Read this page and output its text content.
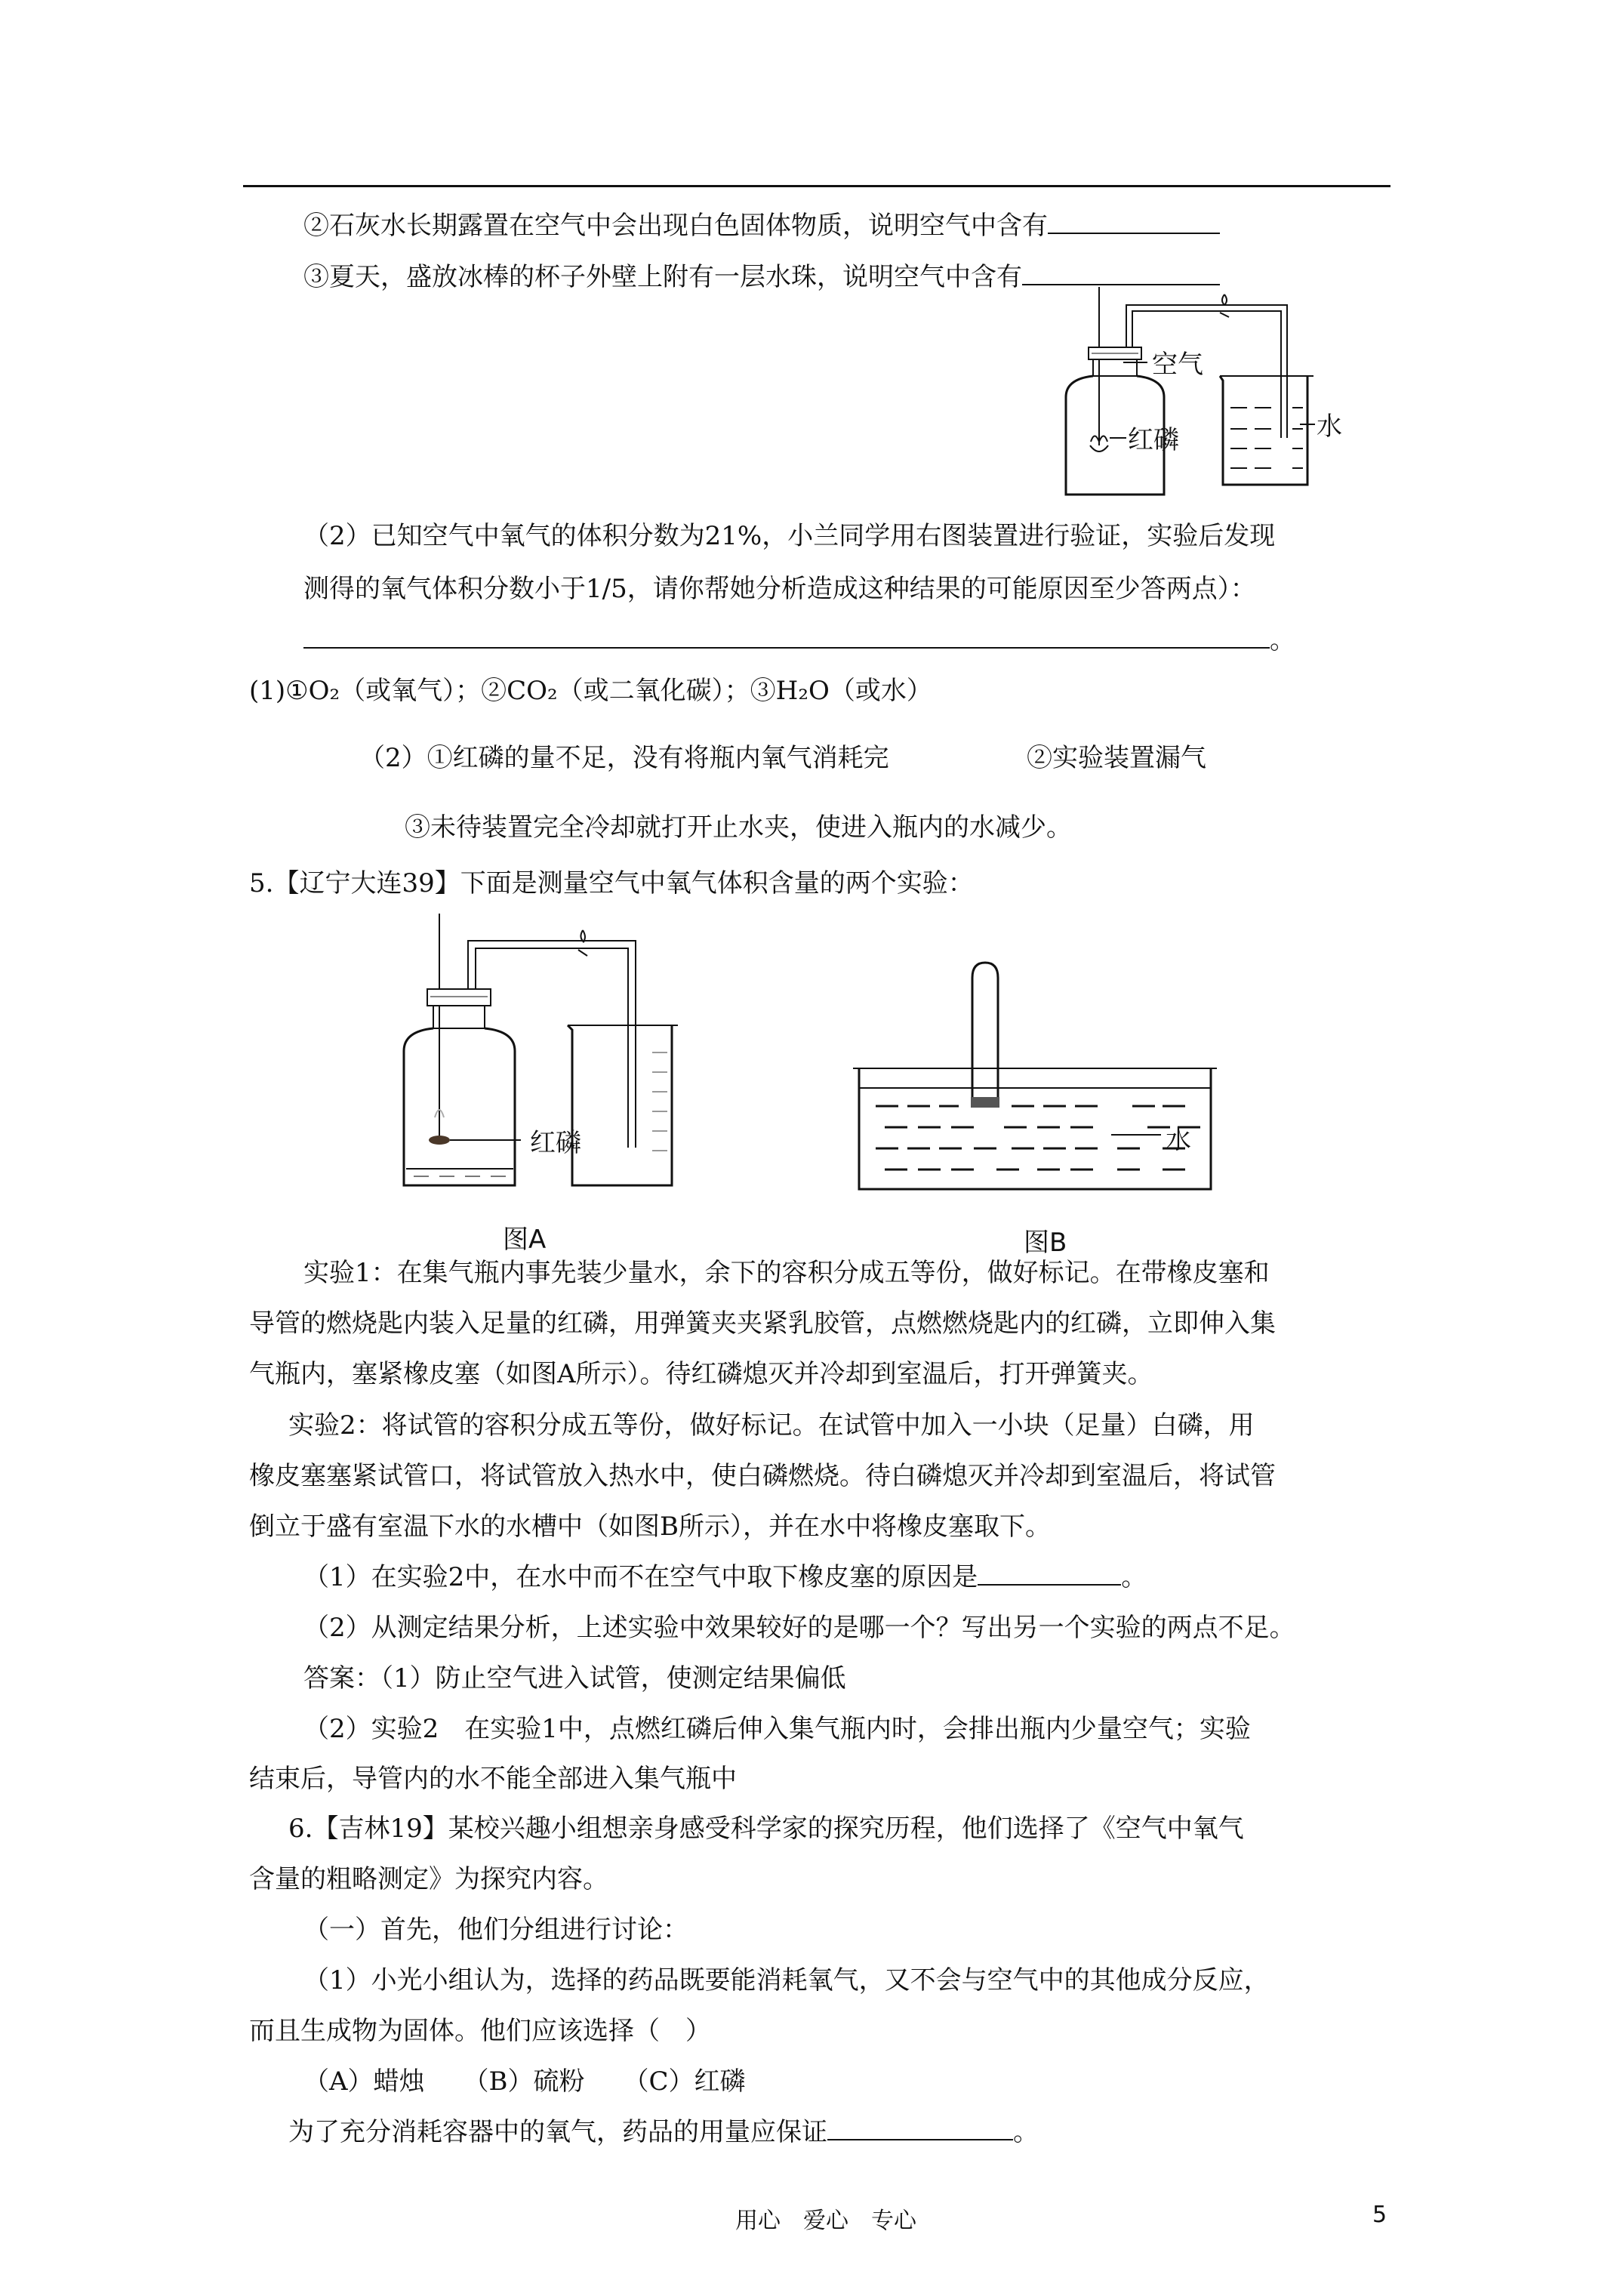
②石灰水长期露置在空气中会出现白色固体物质，说明空气中含有
③夏天，盛放冰棒的杯子外壁上附有一层水珠，说明空气中含有
空气
红磷	水
（2）已知空气中氧气的体积分数为21%，小兰同学用右图装置进行验证，实验后发现
测得的氧气体积分数小于1/5，请你帮她分析造成这种结果的可能原因至少答两点）：
。
(1)①O₂（或氧气）；②CO₂（或二氧化碳）；③H₂O（或水）
（2）①红磷的量不足，没有将瓶内氧气消耗完	②实验装置漏气
③未待装置完全冷却就打开止水夹，使进入瓶内的水减少。
5.【辽宁大连39】下面是测量空气中氧气体积含量的两个实验：
红磷
图A
水
图B
实验1：在集气瓶内事先装少量水，余下的容积分成五等份，做好标记。在带橡皮塞和
导管的燃烧匙内装入足量的红磷，用弹簧夹夹紧乳胶管，点燃燃烧匙内的红磷，立即伸入集
气瓶内，塞紧橡皮塞（如图A所示）。待红磷熄灭并冷却到室温后，打开弹簧夹。
实验2：将试管的容积分成五等份，做好标记。在试管中加入一小块（足量）白磷，用
橡皮塞塞紧试管口，将试管放入热水中，使白磷燃烧。待白磷熄灭并冷却到室温后，将试管
倒立于盛有室温下水的水槽中（如图B所示），并在水中将橡皮塞取下。
（1）在实验2中，在水中而不在空气中取下橡皮塞的原因是	。
（2）从测定结果分析，上述实验中效果较好的是哪一个？写出另一个实验的两点不足。
答案：（1）防止空气进入试管，使测定结果偏低
（2）实验2　在实验1中，点燃红磷后伸入集气瓶内时，会排出瓶内少量空气；实验
结束后，导管内的水不能全部进入集气瓶中
6.【吉林19】某校兴趣小组想亲身感受科学家的探究历程，他们选择了《空气中氧气
含量的粗略测定》为探究内容。
（一）首先，他们分组进行讨论：
（1）小光小组认为，选择的药品既要能消耗氧气，又不会与空气中的其他成分反应，
而且生成物为固体。他们应该选择（　）
（A）蜡烛　　（B）硫粉　　（C）红磷
为了充分消耗容器中的氧气，药品的用量应保证	。
用心　爱心　专心	5
